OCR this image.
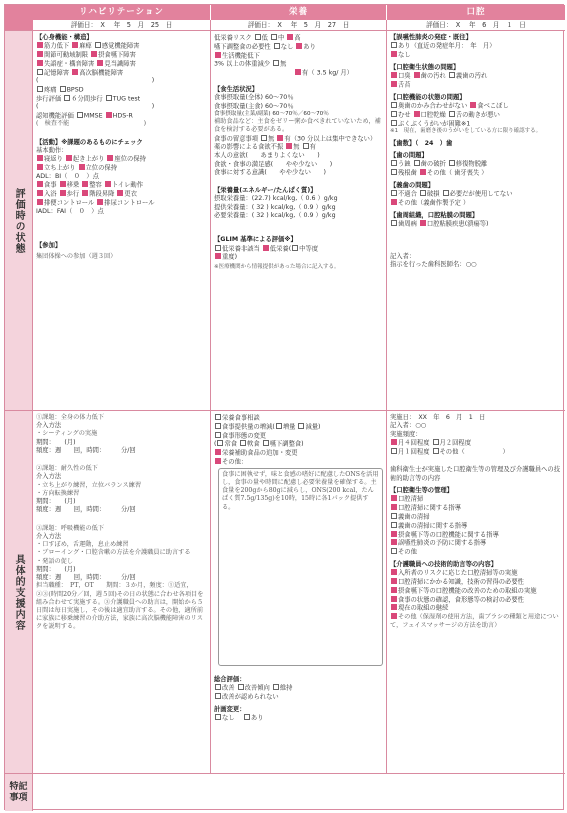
リハビリテーション	栄養	口腔
評価日：　X　 年　5　月　25　日	評価日：　X　 年　5　月　27　日	評価日：　X　 年　6　月　１　日
評価時の状態
具体的支援内容
特記
事項
【心身機能・構造】
筋力低下 麻痺 感覚機能障害
関節可動域制限 摂食嚥下障害
失語症・構音障害 見当識障害
記憶障害 高次脳機能障害
(　　　　　　　　　　　　　　　　　　)
疼痛 BPSD
歩行評価 ６分間歩行 TUG test
(　　　　　　　　　　　　　　　　　　)
認知機能評価 MMSE HDS-R
(　検査不能　　　　　　　　　　　　)
【活動】※課題のあるものにチェック
基本動作：
寝返り 起き上がり 座位の保持
立ち上がり 立位の保持
ADL：BI（　０　）点
食事 移乗 整容 トイレ動作
入浴 歩行 階段昇降 更衣
排便コントロール 排尿コントロール
IADL：FAI（　０　）点
【参加】
集団体操への参加（週３回）
低栄養リスク 低 中 高
嚥下調整食の必要性 なし あり
生活機能低下
3% 以上の体重減少 無
有（ 3.5 kg/ 月）
【食生活状況】
食事摂取量(全体) 60～70％
食事摂取量(主食) 60～70％
食事摂取量(主菜/副菜) 60～70％／60～70％
補助食品など：主食をゼリー粥か食べきれていないため，補食を検討する必要がある。
食事の留意事項 無 有（30 分以上は集中できない）
薬の影響による食欲不振 無 有
本人の意欲(　　あまりよくない　　)
食欲・食事の満足感(　　やや少ない　　)
食事に対する意識(　　やや少ない　　)
【栄養量(エネルギー/たんぱく質)】
摂取栄養量：(22.7) kcal/kg,（ 0.6 ）g/kg
提供栄養量：( 32 ) kcal/kg,（ 0.9 ）g/kg
必要栄養量：( 32 ) kcal/kg,（ 0.9 ）g/kg
【GLIM 基準による評価※】
低栄養非該当 低栄養( 中等度
重度)
※医療機関から情報提供があった場合に記入する。
【誤嚥性肺炎の発症・既往】
あり（直近の発症年月：　年　月）
なし
【口腔衛生状態の問題】
口臭 歯の汚れ 義歯の汚れ
舌苔
【口腔機能の状態の問題】
奥歯のかみ合わせがない 食べこぼし
むせ 口腔乾燥 舌の動きが悪い
ぶくぶくうがいが困難※1
※1　現在，歯磨き後のうがいをしている方に限り確認する。
【歯数】（　24　）歯
【歯の問題】
う蝕 歯の破折 修復物脱離
残根歯 その他（ 歯牙喪失 ）
【義歯の問題】
不適合 破損 必要だが使用してない
その他（義歯作製予定 ）
【歯周組織，口腔粘膜の問題】
歯周病 口腔粘膜疾患(潰瘍等)
記入者：
指示を行った歯科医師名：○○
①課題：全身の体力低下
介入方法
・シーティングの実施
期間：　　(月)
頻度：週　　回，時間：　　　分/回
②課題：耐久性の低下
介入方法
・立ち上がり練習，立位バランス練習
・方向転換練習
期間：　　(月)
頻度：週　　回，時間：　　　分/回
③課題：呼吸機能の低下
介入方法
・口すぼめ，舌運動，息止め練習
・ブローイング・口腔含嗽の方法を介護職員に助言する
・発語の促し
期間：　　(月)
頻度：週　　回，時間：　　　分/回
担当職種：　PT，OT　　期間：３か月，頻度：①适宜，②③(時間20分／回，週５回)その日の状態に合わせ各項目を組み合わせて実施する。③介護職員への助言は，開始から５日間は毎日実施し，その後は適宜助言する。その他，適所前に家族に移乗練習の介助方法，家族に高次脳機能障害のリスクを説明する。
栄養食事相談
食事提供量の増減( 増量 減量)
食事形態の変更
( 常食 軟食 嚥下調整食)
栄養補助食品の追加・変更
その他：
食事に困執せず，味と食感の嗜好に配慮したONSを活用し，食事の量や時間に配慮し必要栄養量を確保する。主食量を200gから80gに減らし，ONS(200 kcal，たんぱく質7.5g/135g)を10時，15時に各1パック提供する。
総合評価：
改善 改善傾向 維持
改善が認められない
計画変更：
なし　	あり
実施日：　XX　年　6　月　1　日
記入者：○○
実施頻度：
月４回程度 月２回程度
月１回程度 その他（　　　　　　）
歯科衛生士が実施した口腔衛生等の管理及び介護職員への技術的助言等の内容
【口腔衛生等の管理】
口腔清掃
口腔清掃に関する指導
義歯の清掃
義歯の清掃に関する指導
摂食嚥下等の口腔機能に関する指導
誤嚥性肺炎の予防に関する指導
その他
【介護職員への技術的助言等の内容】
入所者のリスクに応じた口腔清掃等の実施
口腔清掃にかかる知識，技術の習得の必要性
摂食嚥下等の口腔機能の改善のための取組の実施
食事の状態の確認，食形態等の検討の必要性
現在の取組の継続
その他（保湿剤の使用方法，歯ブラシの種類と用途について，フェイスマッサージの方法を助言）
